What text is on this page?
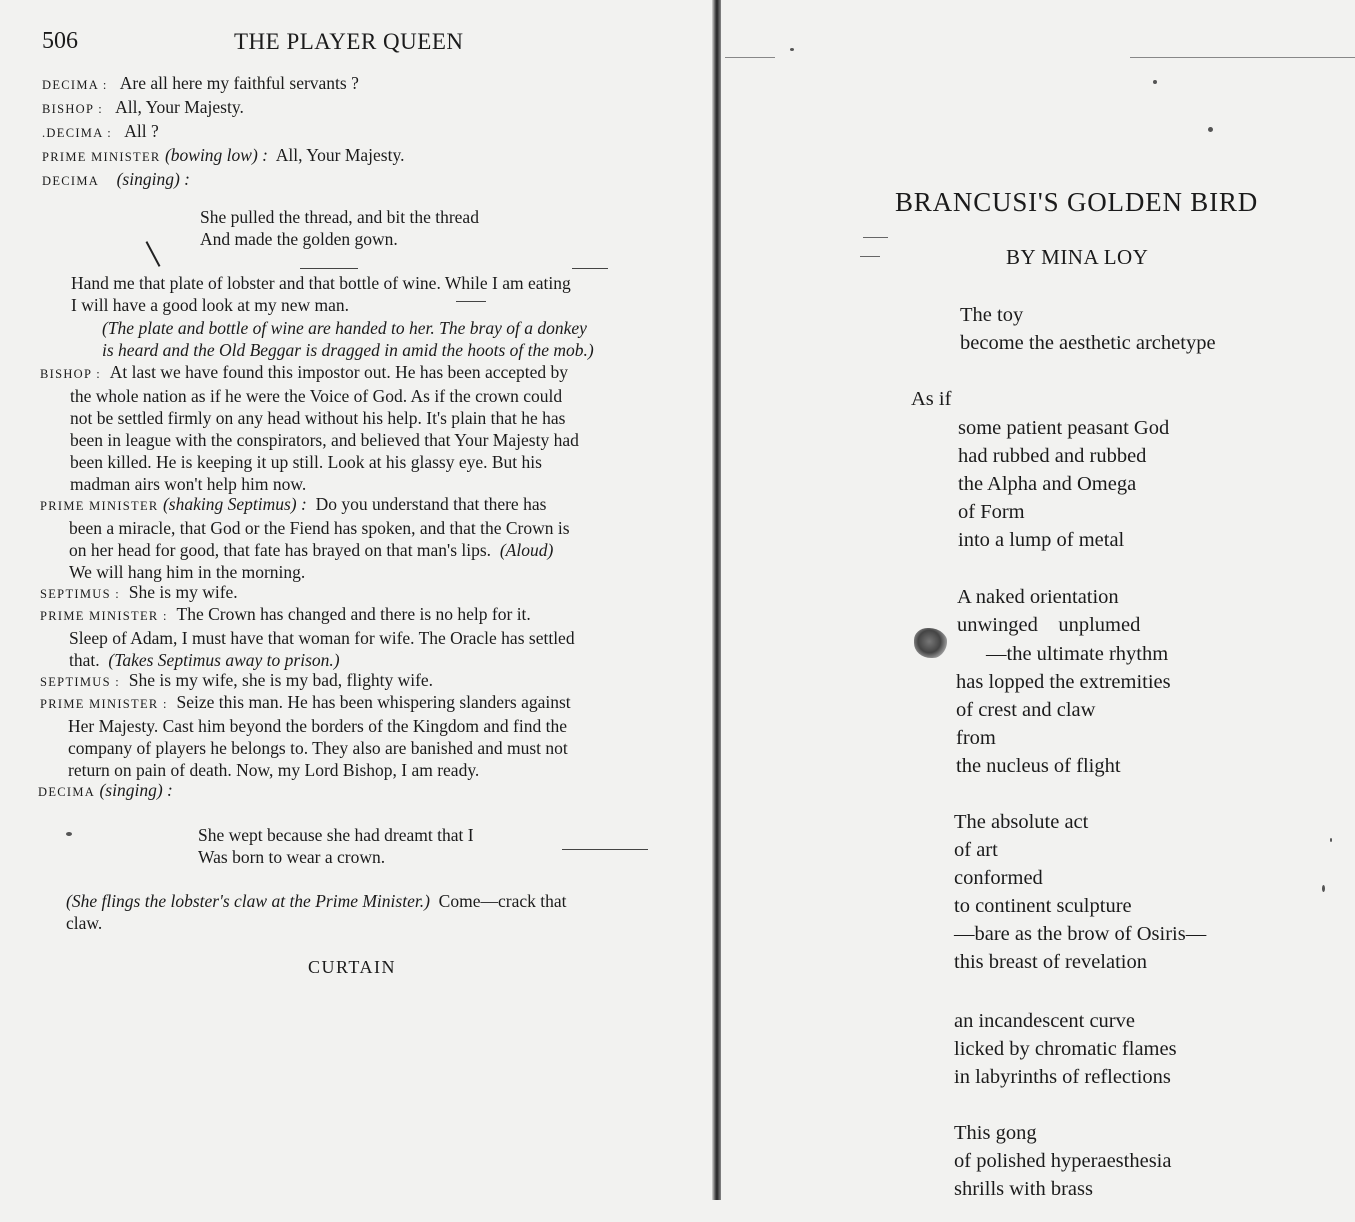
506	THE PLAYER QUEEN
DECIMA : Are all here my faithful servants ?
BISHOP : All, Your Majesty.
.DECIMA : All ?
PRIME MINISTER (bowing low) : All, Your Majesty.
DECIMA (singing) :
She pulled the thread, and bit the thread
And made the golden gown.
Hand me that plate of lobster and that bottle of wine. While I am eating
I will have a good look at my new man.
(The plate and bottle of wine are handed to her. The bray of a donkey
is heard and the Old Beggar is dragged in amid the hoots of the mob.)
BISHOP : At last we have found this impostor out. He has been accepted by
the whole nation as if he were the Voice of God. As if the crown could
not be settled firmly on any head without his help. It's plain that he has
been in league with the conspirators, and believed that Your Majesty had
been killed. He is keeping it up still. Look at his glassy eye. But his
madman airs won't help him now.
PRIME MINISTER (shaking Septimus) : Do you understand that there has
been a miracle, that God or the Fiend has spoken, and that the Crown is
on her head for good, that fate has brayed on that man's lips. (Aloud)
We will hang him in the morning.
SEPTIMUS : She is my wife.
PRIME MINISTER : The Crown has changed and there is no help for it.
Sleep of Adam, I must have that woman for wife. The Oracle has settled
that. (Takes Septimus away to prison.)
SEPTIMUS : She is my wife, she is my bad, flighty wife.
PRIME MINISTER : Seize this man. He has been whispering slanders against
Her Majesty. Cast him beyond the borders of the Kingdom and find the
company of players he belongs to. They also are banished and must not
return on pain of death. Now, my Lord Bishop, I am ready.
DECIMA (singing) :
She wept because she had dreamt that I
Was born to wear a crown.
(She flings the lobster's claw at the Prime Minister.) Come—crack that
claw.
CURTAIN
BRANCUSI'S GOLDEN BIRD
BY MINA LOY
The toy
become the aesthetic archetype
As if
some patient peasant God
had rubbed and rubbed
the Alpha and Omega
of Form
into a lump of metal
A naked orientation
unwinged    unplumed
—the ultimate rhythm
has lopped the extremities
of crest and claw
from
the nucleus of flight
The absolute act
of art
conformed
to continent sculpture
—bare as the brow of Osiris—
this breast of revelation
an incandescent curve
licked by chromatic flames
in labyrinths of reflections
This gong
of polished hyperaesthesia
shrills with brass
